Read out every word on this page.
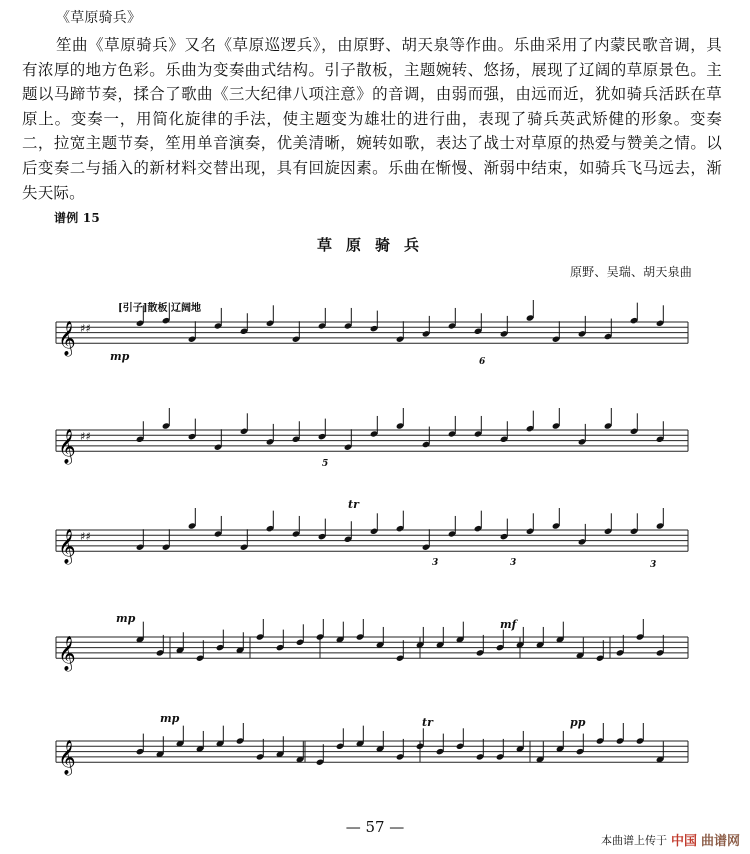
《草原骑兵》
笙曲《草原骑兵》又名《草原巡逻兵》，由原野、胡天泉等作曲。乐曲采用了内蒙民歌音调，具有浓厚的地方色彩。乐曲为变奏曲式结构。引子散板，主题婉转、悠扬，展现了辽阔的草原景色。主题以马蹄节奏，揉合了歌曲《三大纪律八项注意》的音调，由弱而强，由远而近，犹如骑兵活跃在草原上。变奏一，用简化旋律的手法，使主题变为雄壮的进行曲，表现了骑兵英武矫健的形象。变奏二，拉宽主题节奏，笙用单音演奏，优美清晰，婉转如歌，表达了战士对草原的热爱与赞美之情。以后变奏二与插入的新材料交替出现，具有回旋因素。乐曲在惭慢、渐弱中结束，如骑兵飞马远去，渐失天际。
谱例 15
草原骑兵
原野、吴瑞、胡天泉曲
𝄞 ♯♯
𝄞 ♯♯
𝄞 ♯♯
𝄞
𝄞
[引子]散板 辽阔地
mp
tr
mp	mf
mp	tr	pp
6
5
3	3	3
— 57 —
本曲谱上传于 中国 曲谱网
